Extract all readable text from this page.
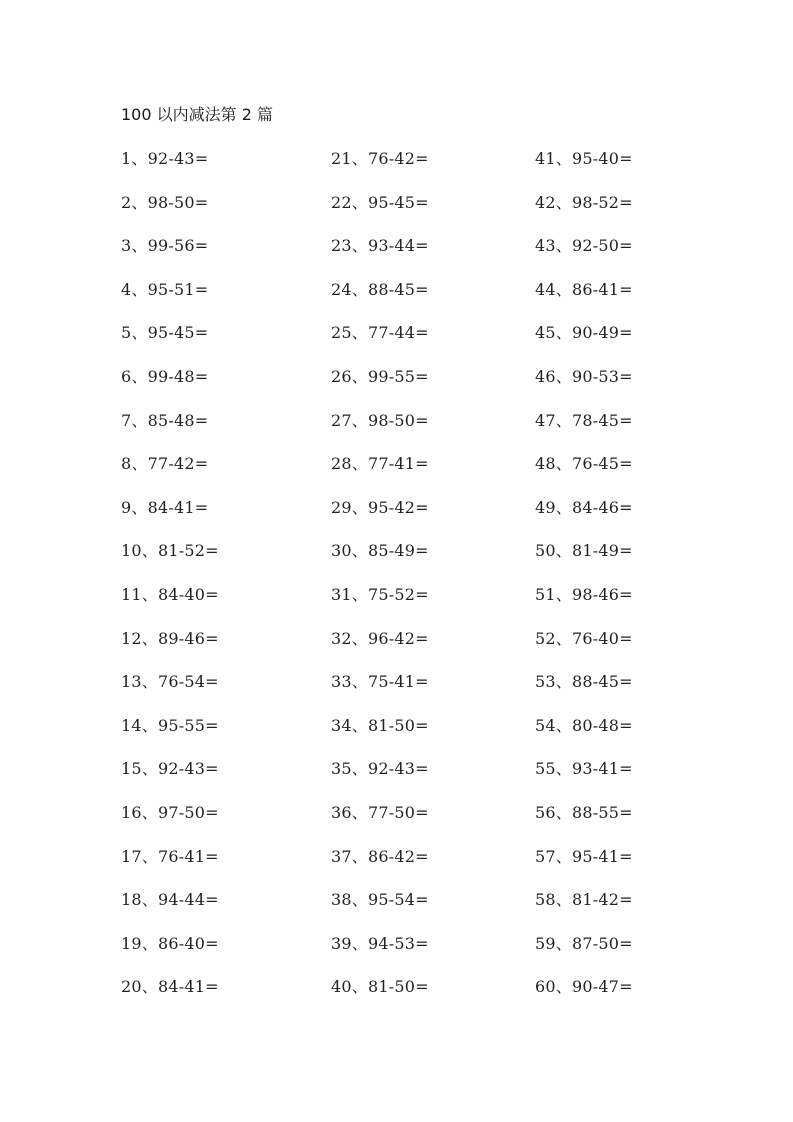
100 以内减法第 2 篇
1、92-43=
2、98-50=
3、99-56=
4、95-51=
5、95-45=
6、99-48=
7、85-48=
8、77-42=
9、84-41=
10、81-52=
11、84-40=
12、89-46=
13、76-54=
14、95-55=
15、92-43=
16、97-50=
17、76-41=
18、94-44=
19、86-40=
20、84-41=
21、76-42=
22、95-45=
23、93-44=
24、88-45=
25、77-44=
26、99-55=
27、98-50=
28、77-41=
29、95-42=
30、85-49=
31、75-52=
32、96-42=
33、75-41=
34、81-50=
35、92-43=
36、77-50=
37、86-42=
38、95-54=
39、94-53=
40、81-50=
41、95-40=
42、98-52=
43、92-50=
44、86-41=
45、90-49=
46、90-53=
47、78-45=
48、76-45=
49、84-46=
50、81-49=
51、98-46=
52、76-40=
53、88-45=
54、80-48=
55、93-41=
56、88-55=
57、95-41=
58、81-42=
59、87-50=
60、90-47=
